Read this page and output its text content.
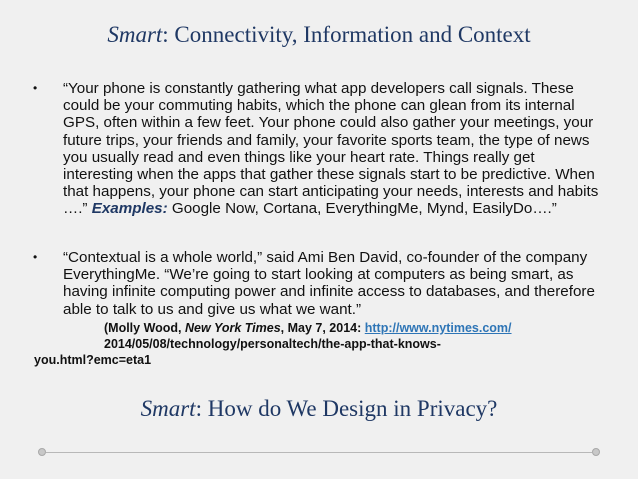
Smart: Connectivity, Information and Context
• “Your phone is constantly gathering what app developers call signals. These could be your commuting habits, which the phone can glean from its internal GPS, often within a few feet. Your phone could also gather your meetings, your future trips, your friends and family, your favorite sports team, the type of news you usually read and even things like your heart rate. Things really get interesting when the apps that gather these signals start to be predictive. When that happens, your phone can start anticipating your needs, interests and habits ….” Examples: Google Now, Cortana, EverythingMe, Mynd, EasilyDo….”
• “Contextual is a whole world,” said Ami Ben David, co-founder of the company EverythingMe. “We’re going to start looking at computers as being smart, as having infinite computing power and infinite access to databases, and therefore able to talk to us and give us what we want.”
(Molly Wood, New York Times, May 7, 2014: http://www.nytimes.com/
2014/05/08/technology/personaltech/the-app-that-knows-
you.html?emc=eta1
Smart: How do We Design in Privacy?
